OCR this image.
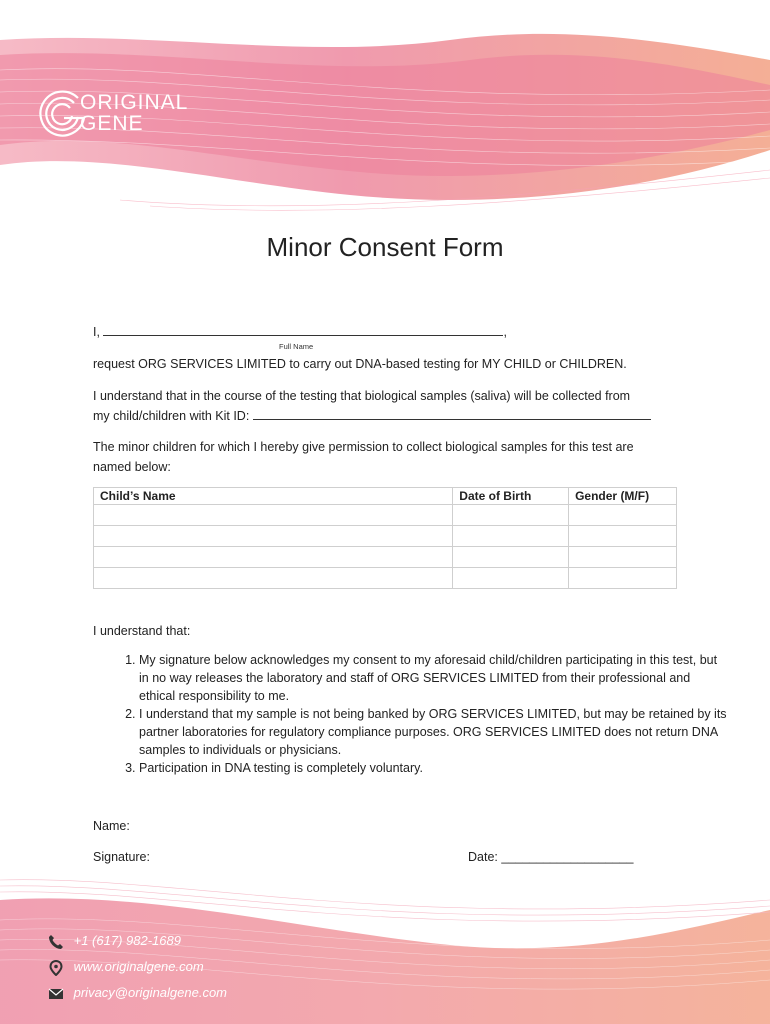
ORIGINAL
GENE
Minor Consent Form
I,	,
Full Name
request ORG SERVICES LIMITED to carry out DNA-based testing for MY CHILD or CHILDREN.
I understand that in the course of the testing that biological samples (saliva) will be collected from
my child/children with Kit ID:
The minor children for which I hereby give permission to collect biological samples for this test are named below:
Child’s Name	Date of Birth	Gender (M/F)

I understand that:
1. My signature below acknowledges my consent to my aforesaid child/children participating in this test, but in no way releases the laboratory and staff of ORG SERVICES LIMITED from their professional and ethical responsibility to me.
2. I understand that my sample is not being banked by ORG SERVICES LIMITED, but may be retained by its partner laboratories for regulatory compliance purposes. ORG SERVICES LIMITED does not return DNA samples to individuals or physicians.
3. Participation in DNA testing is completely voluntary.
Name:
Signature:	Date: ___________________
+1 (617) 982-1689
www.originalgene.com
privacy@originalgene.com
